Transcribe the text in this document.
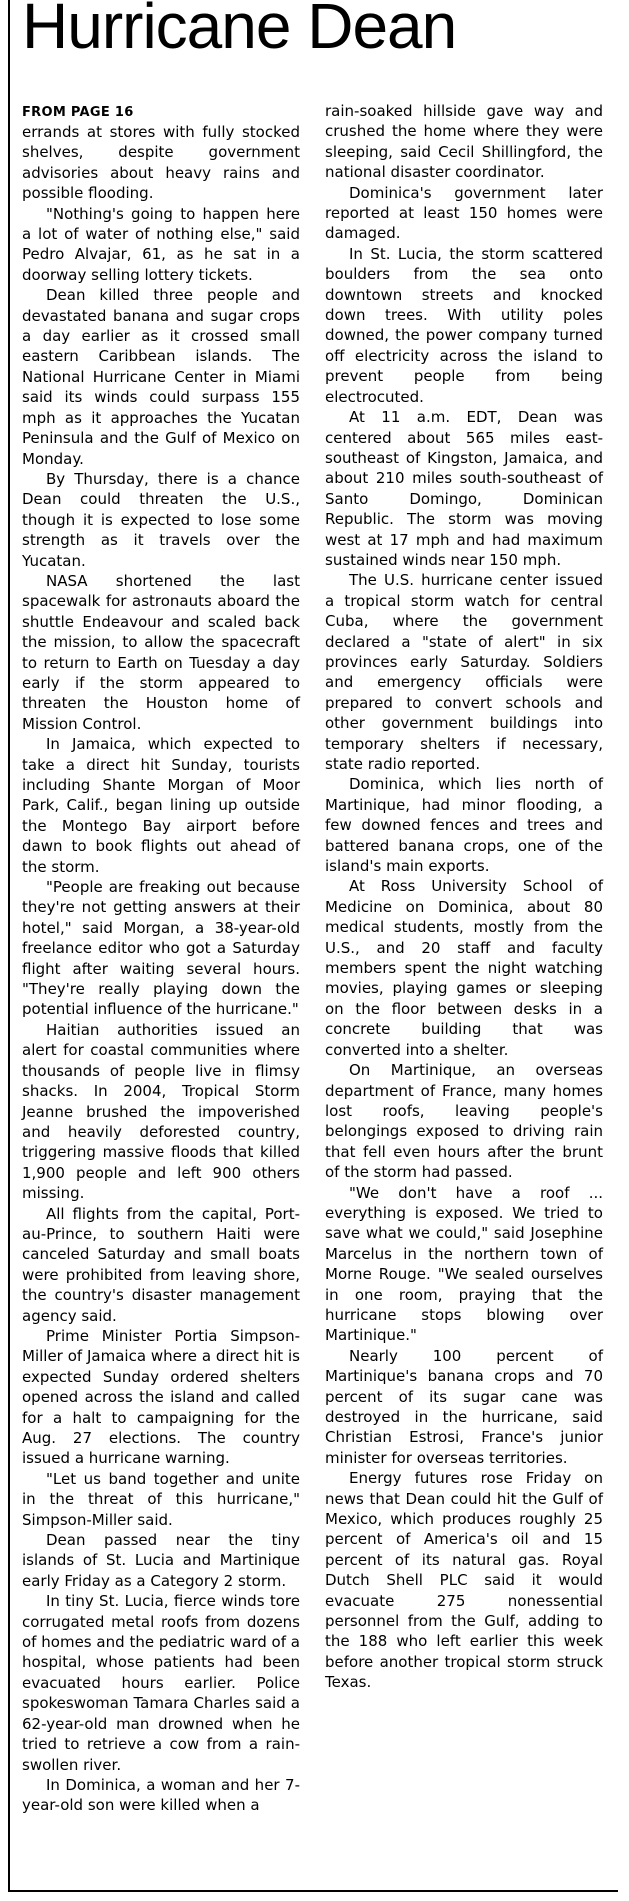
Hurricane Dean
FROM PAGE 16

errands at stores with fully stocked shelves, despite government advisories about heavy rains and possible flooding.

"Nothing's going to happen here a lot of water of nothing else," said Pedro Alvajar, 61, as he sat in a doorway selling lottery tickets.

Dean killed three people and devastated banana and sugar crops a day earlier as it crossed small eastern Caribbean islands. The National Hurricane Center in Miami said its winds could surpass 155 mph as it approaches the Yucatan Peninsula and the Gulf of Mexico on Monday.

By Thursday, there is a chance Dean could threaten the U.S., though it is expected to lose some strength as it travels over the Yucatan.

NASA shortened the last spacewalk for astronauts aboard the shuttle Endeavour and scaled back the mission, to allow the spacecraft to return to Earth on Tuesday a day early if the storm appeared to threaten the Houston home of Mission Control.

In Jamaica, which expected to take a direct hit Sunday, tourists including Shante Morgan of Moor Park, Calif., began lining up outside the Montego Bay airport before dawn to book flights out ahead of the storm.

"People are freaking out because they're not getting answers at their hotel," said Morgan, a 38-year-old freelance editor who got a Saturday flight after waiting several hours. "They're really playing down the potential influence of the hurricane."

Haitian authorities issued an alert for coastal communities where thousands of people live in flimsy shacks. In 2004, Tropical Storm Jeanne brushed the impoverished and heavily deforested country, triggering massive floods that killed 1,900 people and left 900 others missing.

All flights from the capital, Port-au-Prince, to southern Haiti were canceled Saturday and small boats were prohibited from leaving shore, the country's disaster management agency said.

Prime Minister Portia Simpson-Miller of Jamaica where a direct hit is expected Sunday ordered shelters opened across the island and called for a halt to campaigning for the Aug. 27 elections. The country issued a hurricane warning.

"Let us band together and unite in the threat of this hurricane," Simpson-Miller said.

Dean passed near the tiny islands of St. Lucia and Martinique early Friday as a Category 2 storm.

In tiny St. Lucia, fierce winds tore corrugated metal roofs from dozens of homes and the pediatric ward of a hospital, whose patients had been evacuated hours earlier. Police spokeswoman Tamara Charles said a 62-year-old man drowned when he tried to retrieve a cow from a rain-swollen river.

In Dominica, a woman and her 7-year-old son were killed when a

rain-soaked hillside gave way and crushed the home where they were sleeping, said Cecil Shillingford, the national disaster coordinator.

Dominica's government later reported at least 150 homes were damaged.

In St. Lucia, the storm scattered boulders from the sea onto downtown streets and knocked down trees. With utility poles downed, the power company turned off electricity across the island to prevent people from being electrocuted.

At 11 a.m. EDT, Dean was centered about 565 miles east-southeast of Kingston, Jamaica, and about 210 miles south-southeast of Santo Domingo, Dominican Republic. The storm was moving west at 17 mph and had maximum sustained winds near 150 mph.

The U.S. hurricane center issued a tropical storm watch for central Cuba, where the government declared a "state of alert" in six provinces early Saturday. Soldiers and emergency officials were prepared to convert schools and other government buildings into temporary shelters if necessary, state radio reported.

Dominica, which lies north of Martinique, had minor flooding, a few downed fences and trees and battered banana crops, one of the island's main exports.

At Ross University School of Medicine on Dominica, about 80 medical students, mostly from the U.S., and 20 staff and faculty members spent the night watching movies, playing games or sleeping on the floor between desks in a concrete building that was converted into a shelter.

On Martinique, an overseas department of France, many homes lost roofs, leaving people's belongings exposed to driving rain that fell even hours after the brunt of the storm had passed.

"We don't have a roof ... everything is exposed. We tried to save what we could," said Josephine Marcelus in the northern town of Morne Rouge. "We sealed ourselves in one room, praying that the hurricane stops blowing over Martinique."

Nearly 100 percent of Martinique's banana crops and 70 percent of its sugar cane was destroyed in the hurricane, said Christian Estrosi, France's junior minister for overseas territories.

Energy futures rose Friday on news that Dean could hit the Gulf of Mexico, which produces roughly 25 percent of America's oil and 15 percent of its natural gas. Royal Dutch Shell PLC said it would evacuate 275 nonessential personnel from the Gulf, adding to the 188 who left earlier this week before another tropical storm struck Texas.
